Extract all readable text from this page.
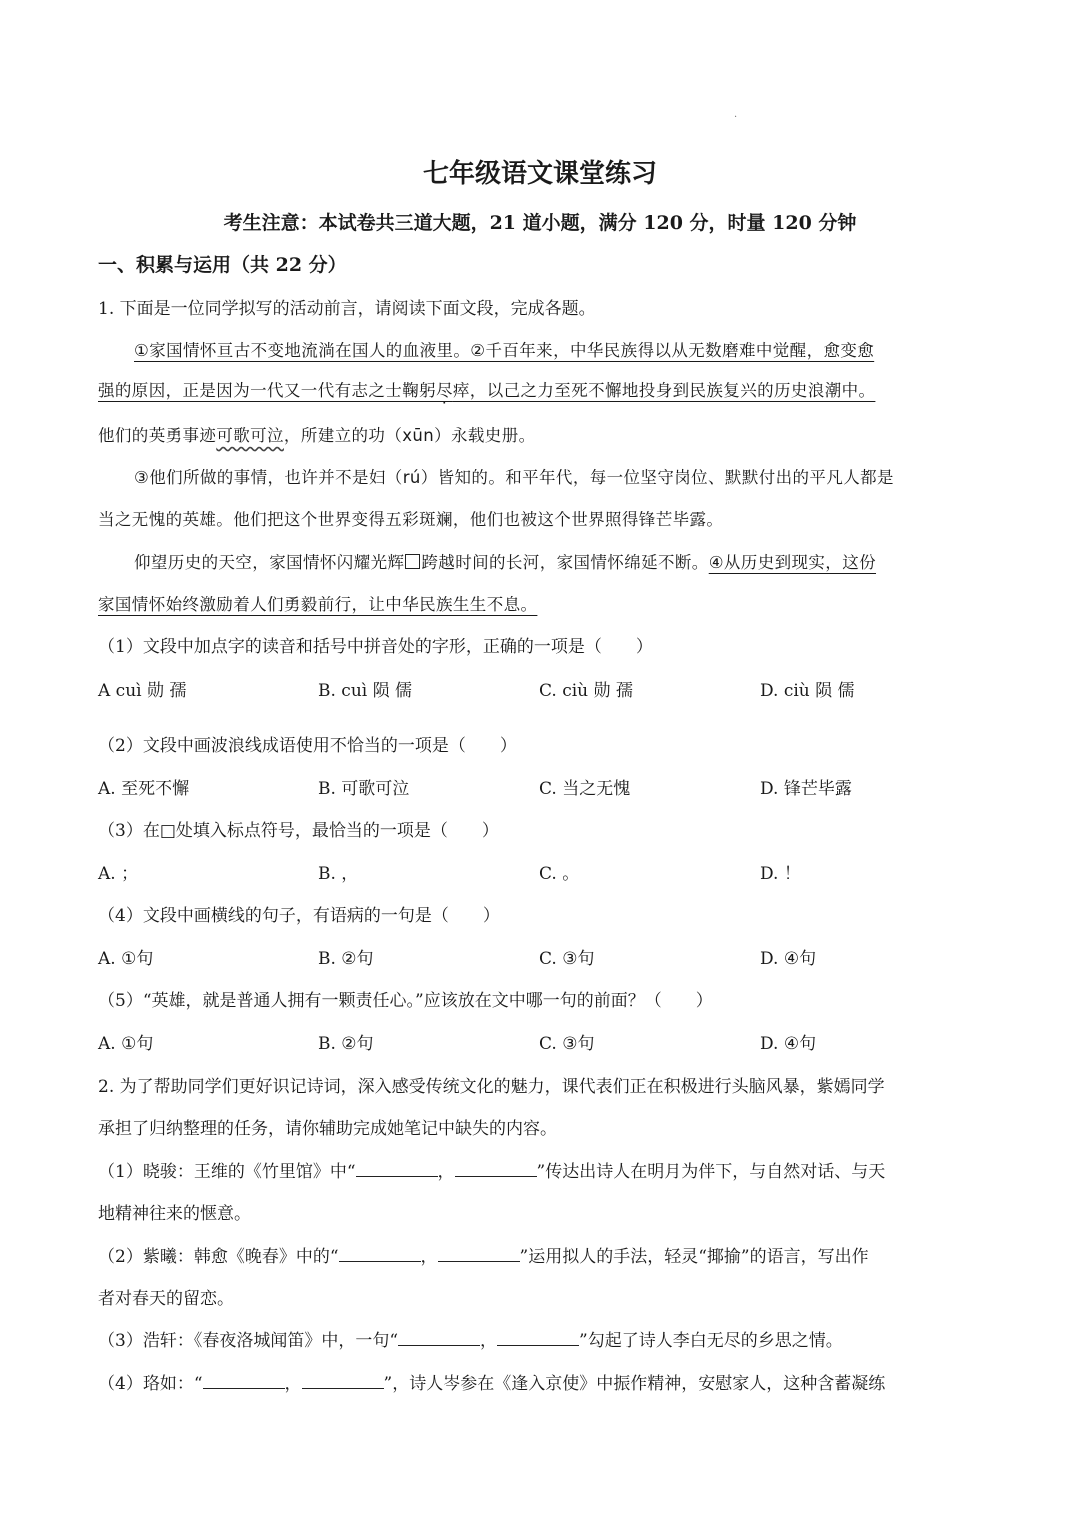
·
七年级语文课堂练习
考生注意：本试卷共三道大题，21 道小题，满分 120 分，时量 120 分钟
一、积累与运用（共 22 分）
1. 下面是一位同学拟写的活动前言，请阅读下面文段，完成各题。
①家国情怀亘古不变地流淌在国人的血液里。②千百年来，中华民族得以从无数磨难中觉醒，愈变愈
强的原因，正是因为一代又一代有志之士鞠躬尽瘁，以己之力至死不懈地投身到民族复兴的历史浪潮中。
他们的英勇事迹可歌可泣，所建立的功（xūn）永载史册。
③他们所做的事情，也许并不是妇（rú）皆知的。和平年代，每一位坚守岗位、默默付出的平凡人都是
当之无愧的英雄。他们把这个世界变得五彩斑斓，他们也被这个世界照得锋芒毕露。
仰望历史的天空，家国情怀闪耀光辉 跨越时间的长河，家国情怀绵延不断。④从历史到现实，这份
家国情怀始终激励着人们勇毅前行，让中华民族生生不息。
（1）文段中加点字的读音和括号中拼音处的字形，正确的一项是（　　）
A cuì 勋 孺	B. cuì 陨 儒	C. ciù 勋 孺	D. ciù 陨 儒
（2）文段中画波浪线成语使用不恰当的一项是（　　）
A. 至死不懈	B. 可歌可泣	C. 当之无愧	D. 锋芒毕露
（3）在□处填入标点符号，最恰当的一项是（　　）
A. ；	B. ，	C. 。	D. ！
（4）文段中画横线的句子，有语病的一句是（　　）
A. ①句	B. ②句	C. ③句	D. ④句
（5）“英雄，就是普通人拥有一颗责任心。”应该放在文中哪一句的前面？（　　）
A. ①句	B. ②句	C. ③句	D. ④句
2. 为了帮助同学们更好识记诗词，深入感受传统文化的魅力，课代表们正在积极进行头脑风暴，紫嫣同学
承担了归纳整理的任务，请你辅助完成她笔记中缺失的内容。
（1）晓骏：王维的《竹里馆》中“	，	”传达出诗人在明月为伴下，与自然对话、与天
地精神往来的惬意。
（2）紫曦：韩愈《晚春》中的“	，	”运用拟人的手法，轻灵“揶揄”的语言，写出作
者对春天的留恋。
（3）浩轩：《春夜洛城闻笛》中，一句“	，	”勾起了诗人李白无尽的乡思之情。
（4）珞如：“	，	”，诗人岑参在《逢入京使》中振作精神，安慰家人，这种含蓄凝练
